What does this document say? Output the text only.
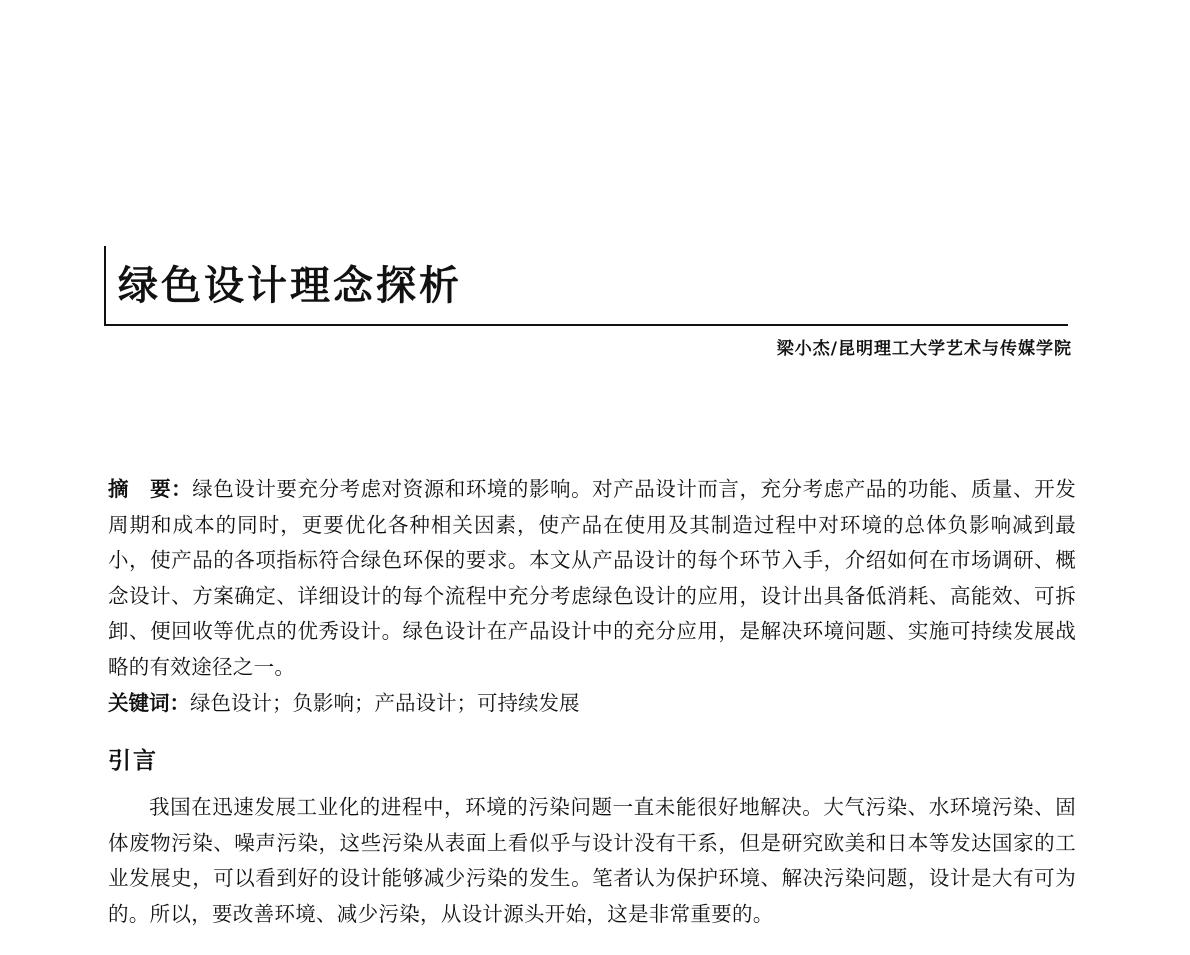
绿色设计理念探析
梁小杰/昆明理工大学艺术与传媒学院

摘　要：绿色设计要充分考虑对资源和环境的影响。对产品设计而言，充分考虑产品的功能、质量、开发周期和成本的同时，更要优化各种相关因素，使产品在使用及其制造过程中对环境的总体负影响减到最小，使产品的各项指标符合绿色环保的要求。本文从产品设计的每个环节入手，介绍如何在市场调研、概念设计、方案确定、详细设计的每个流程中充分考虑绿色设计的应用，设计出具备低消耗、高能效、可拆卸、便回收等优点的优秀设计。绿色设计在产品设计中的充分应用，是解决环境问题、实施可持续发展战略的有效途径之一。

关键词：绿色设计；负影响；产品设计；可持续发展

引言

我国在迅速发展工业化的进程中，环境的污染问题一直未能很好地解决。大气污染、水环境污染、固体废物污染、噪声污染，这些污染从表面上看似乎与设计没有干系，但是研究欧美和日本等发达国家的工业发展史，可以看到好的设计能够减少污染的发生。笔者认为保护环境、解决污染问题，设计是大有可为的。所以，要改善环境、减少污染，从设计源头开始，这是非常重要的。
